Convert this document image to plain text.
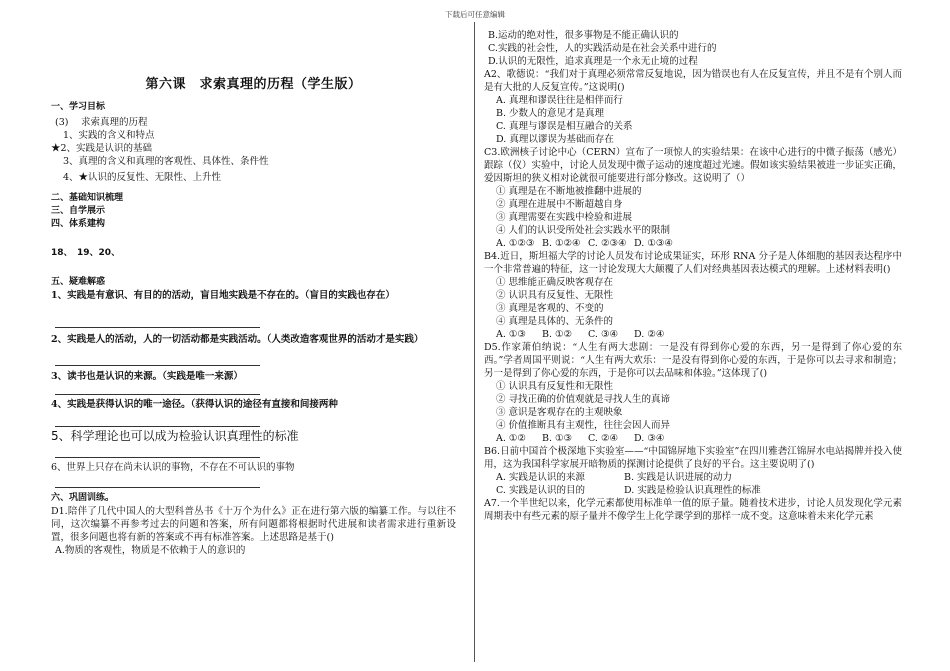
下载后可任意编辑
第六课　求索真理的历程（学生版）
一、学习目标
(3)　 求索真理的历程
1、实践的含义和特点
★2、实践是认识的基础
3、真理的含义和真理的客观性、具体性、条件性
4、★认识的反复性、无限性、上升性
二、基础知识梳理
三、自学展示
四、体系建构
18、　19、20、
五、疑难解惑
1、实践是有意识、有目的的活动，盲目地实践是不存在的。（盲目的实践也存在）
2、实践是人的活动，人的一切活动都是实践活动。（人类改造客观世界的活动才是实践）
3、读书也是认识的来源。（实践是唯一来源）
4、实践是获得认识的唯一途径。（获得认识的途径有直接和间接两种
5、科学理论也可以成为检验认识真理性的标准
6、世界上只存在尚未认识的事物，不存在不可认识的事物
六、巩固训练。
D1.陪伴了几代中国人的大型科普丛书《十万个为什么》正在进行第六版的编纂工作。与以往不同，这次编纂不再参考过去的问题和答案，所有问题都将根据时代进展和读者需求进行重新设置，很多问题也将有新的答案或不再有标准答案。上述思路是基于()
A.物质的客观性，物质是不依赖于人的意识的
B.运动的绝对性，很多事物是不能正确认识的
C.实践的社会性，人的实践活动是在社会关系中进行的
D.认识的无限性，追求真理是一个永无止境的过程
A2、歌德说：“我们对于真理必须常常反复地说，因为错误也有人在反复宣传，并且不是有个别人而是有大批的人反复宣传。”这说明()
A. 真理和谬误往往是相伴而行
B. 少数人的意见才是真理
C. 真理与谬误是相互融合的关系
D. 真理以谬误为基础而存在
C3.欧洲核子讨论中心（CERN）宣布了一项惊人的实验结果：在该中心进行的中微子振荡（感光）跟踪（仪）实验中，讨论人员发现中微子运动的速度超过光速。假如该实验结果被进一步证实正确，爱因斯坦的狭义相对论就很可能要进行部分修改。这说明了（）
① 真理是在不断地被推翻中进展的
② 真理在进展中不断超越自身
③ 真理需要在实践中检验和进展
④ 人们的认识受所处社会实践水平的限制
A. ①②③ B. ①②④ C. ②③④ D. ①③④
B4.近日，斯坦福大学的讨论人员发布讨论成果证实，环形 RNA 分子是人体细胞的基因表达程序中一个非常普遍的特征，这一讨论发现大大颠覆了人们对经典基因表达模式的理解。上述材料表明()
① 思维能正确反映客观存在
② 认识具有反复性、无限性
③ 真理是客观的、不变的
④ 真理是具体的、无条件的
A. ①③	B. ①②	C. ③④	D. ②④
D5.作家萧伯纳说：“人生有两大悲剧：一是没有得到你心爱的东西，另一是得到了你心爱的东西。”学者周国平则说：“人生有两大欢乐：一是没有得到你心爱的东西，于是你可以去寻求和制造；另一是得到了你心爱的东西，于是你可以去品味和体验。”这体现了()
① 认识具有反复性和无限性
② 寻找正确的价值观就是寻找人生的真谛
③ 意识是客观存在的主观映象
④ 价值推断具有主观性，往往会因人而异
A. ①②	B. ①③	C. ②④	D. ③④
B6.日前中国首个极深地下实验室——“中国锦屏地下实验室”在四川雅砻江锦屏水电站揭牌并投入使用，这为我国科学家展开暗物质的探测讨论提供了良好的平台。这主要说明了()
A. 实践是认识的来源	B. 实践是认识进展的动力
C. 实践是认识的目的	D. 实践是检验认识真理性的标准
A7.一个半世纪以来，化学元素都使用标准单一值的原子量。随着技术进步，讨论人员发现化学元素周期表中有些元素的原子量并不像学生上化学课学到的那样一成不变。这意味着未来化学元素
